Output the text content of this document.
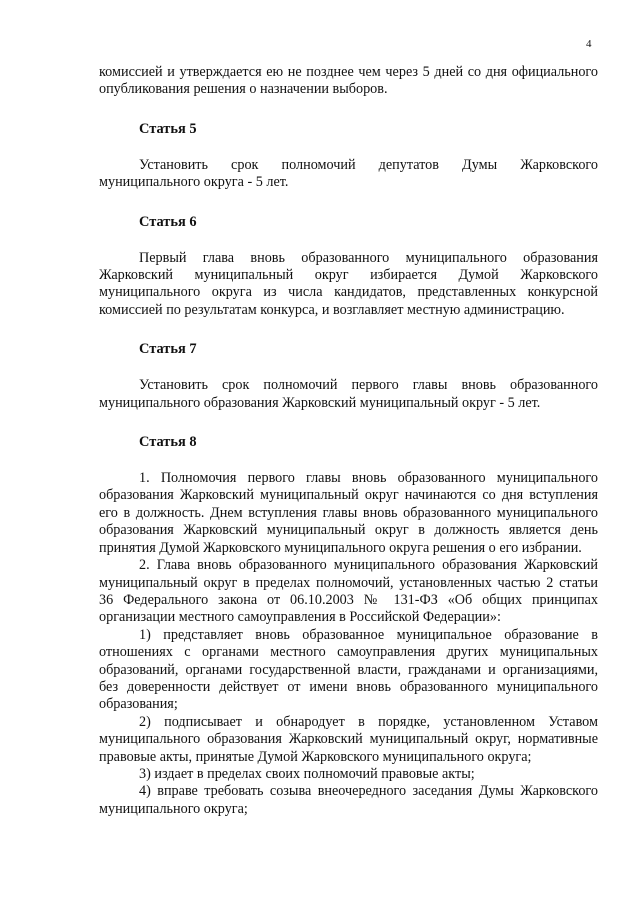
4

комиссией и утверждается ею не позднее чем через 5 дней со дня официального опубликования решения о назначении выборов.

Статья 5

Установить срок полномочий депутатов Думы Жарковского муниципального округа - 5 лет.

Статья 6

Первый глава вновь образованного муниципального образования Жарковский муниципальный округ избирается Думой Жарковского муниципального округа из числа кандидатов, представленных конкурсной комиссией по результатам конкурса, и возглавляет местную администрацию.

Статья 7

Установить срок полномочий первого главы вновь образованного муниципального образования Жарковский муниципальный округ - 5 лет.

Статья 8

1. Полномочия первого главы вновь образованного муниципального образования Жарковский муниципальный округ начинаются со дня вступления его в должность. Днем вступления главы вновь образованного муниципального образования Жарковский муниципальный округ в должность является день принятия Думой Жарковского муниципального округа решения о его избрании.

2. Глава вновь образованного муниципального образования Жарковский муниципальный округ в пределах полномочий, установленных частью 2 статьи 36 Федерального закона от 06.10.2003 № 131-ФЗ «Об общих принципах организации местного самоуправления в Российской Федерации»:

1) представляет вновь образованное муниципальное образование в отношениях с органами местного самоуправления других муниципальных образований, органами государственной власти, гражданами и организациями, без доверенности действует от имени вновь образованного муниципального образования;

2) подписывает и обнародует в порядке, установленном Уставом муниципального образования Жарковский муниципальный округ, нормативные правовые акты, принятые Думой Жарковского муниципального округа;

3) издает в пределах своих полномочий правовые акты;

4) вправе требовать созыва внеочередного заседания Думы Жарковского муниципального округа;
